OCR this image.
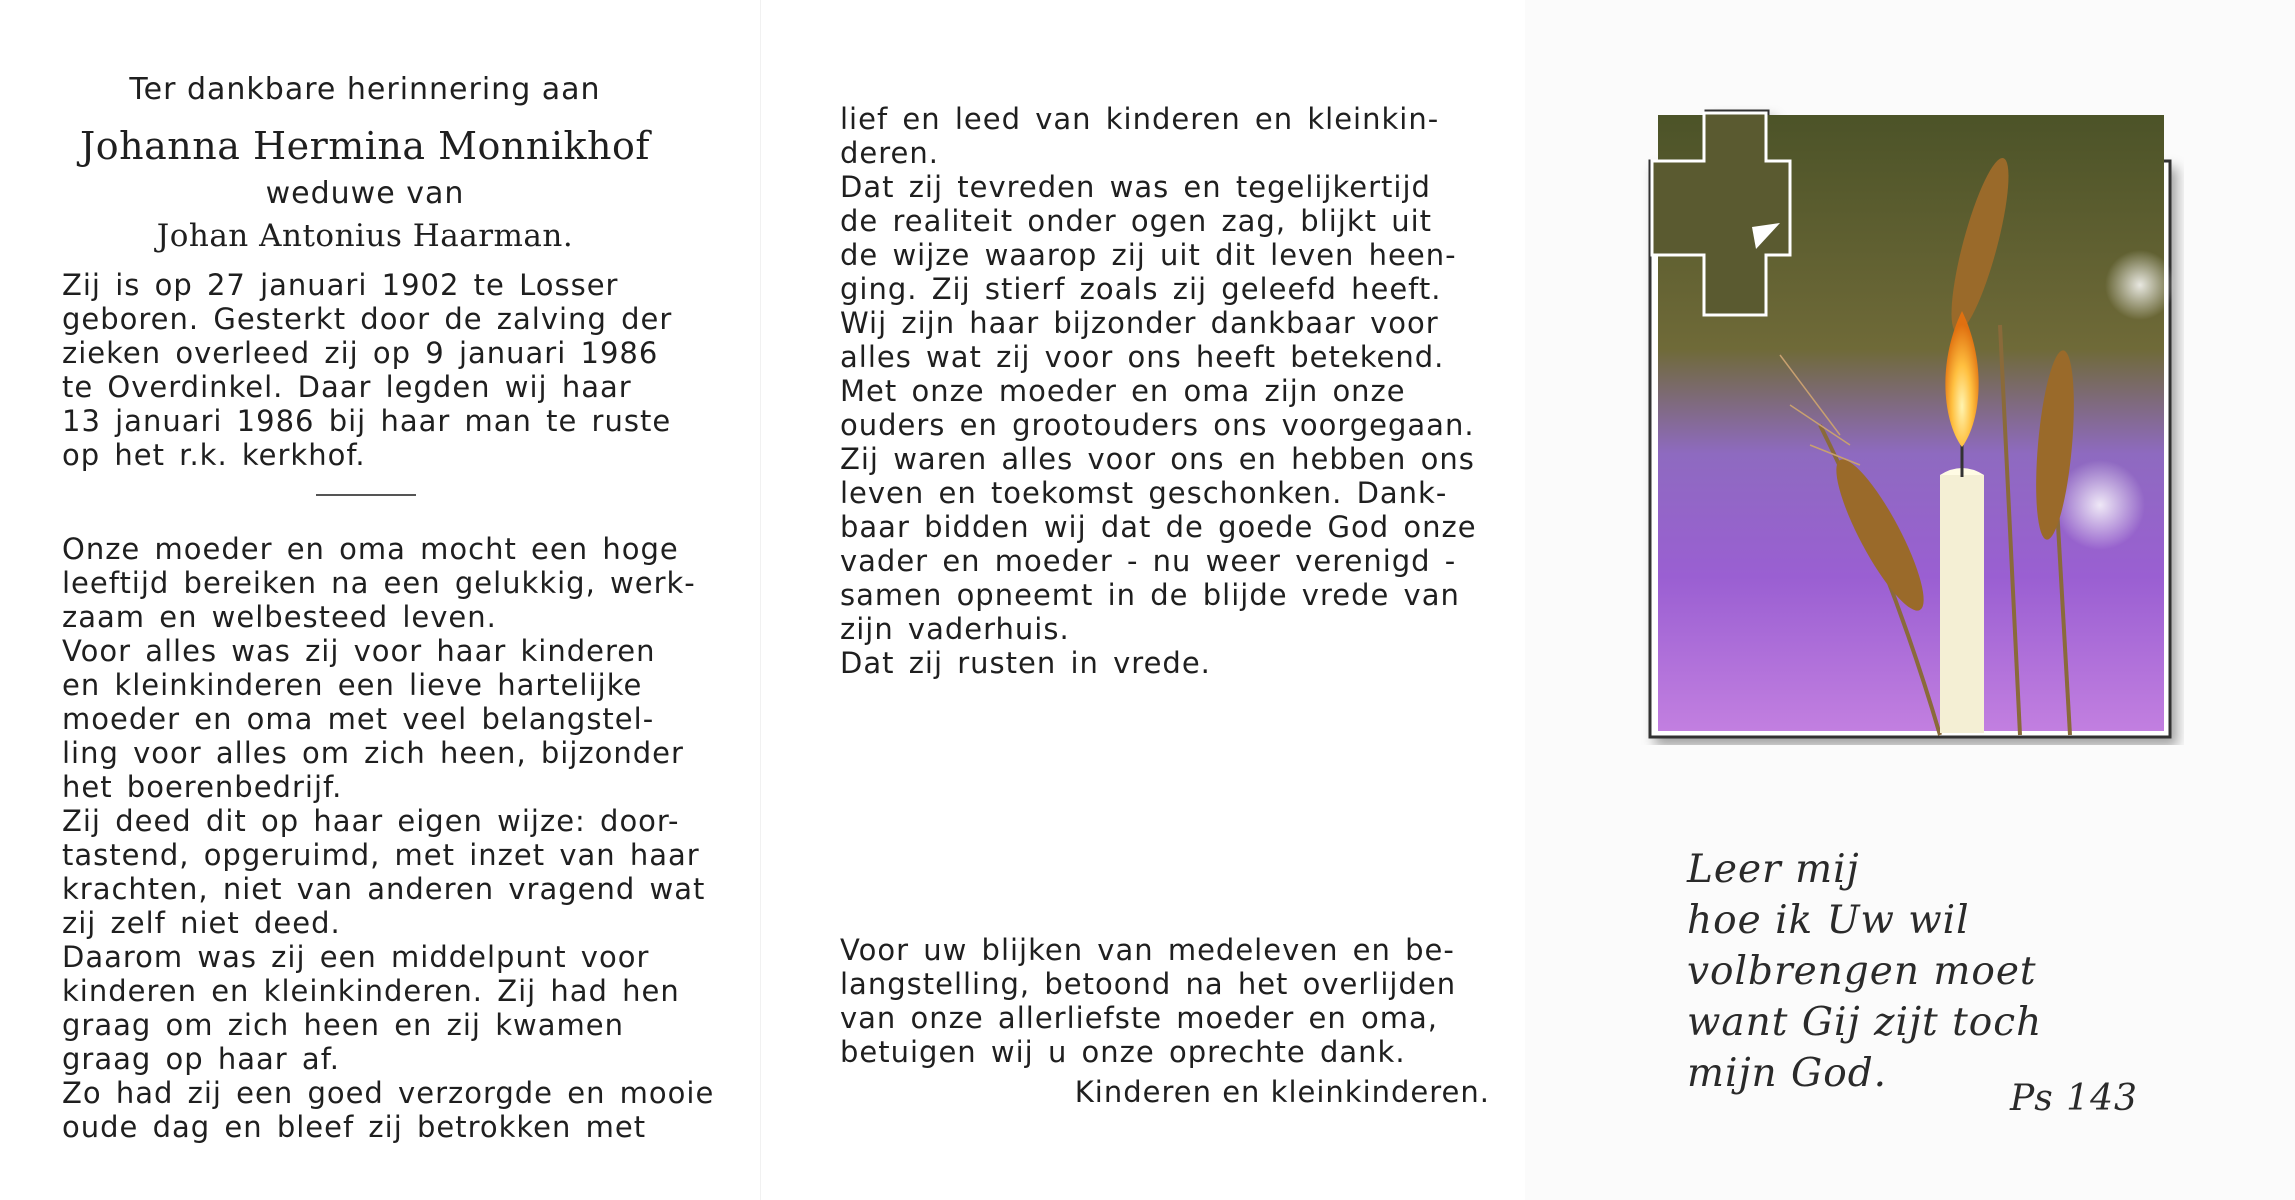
Ter dankbare herinnering aan
Johanna Hermina Monnikhof
weduwe van
Johan Antonius Haarman.
Zij is op 27 januari 1902 te Losser
geboren. Gesterkt door de zalving der
zieken overleed zij op 9 januari 1986
te Overdinkel. Daar legden wij haar
13 januari 1986 bij haar man te ruste
op het r.k. kerkhof.
Onze moeder en oma mocht een hoge
leeftijd bereiken na een gelukkig, werk-
zaam en welbesteed leven.
Voor alles was zij voor haar kinderen
en kleinkinderen een lieve hartelijke
moeder en oma met veel belangstel-
ling voor alles om zich heen, bijzonder
het boerenbedrijf.
Zij deed dit op haar eigen wijze: door-
tastend, opgeruimd, met inzet van haar
krachten, niet van anderen vragend wat
zij zelf niet deed.
Daarom was zij een middelpunt voor
kinderen en kleinkinderen. Zij had hen
graag om zich heen en zij kwamen
graag op haar af.
Zo had zij een goed verzorgde en mooie
oude dag en bleef zij betrokken met
lief en leed van kinderen en kleinkin-
deren.
Dat zij tevreden was en tegelijkertijd
de realiteit onder ogen zag, blijkt uit
de wijze waarop zij uit dit leven heen-
ging. Zij stierf zoals zij geleefd heeft.
Wij zijn haar bijzonder dankbaar voor
alles wat zij voor ons heeft betekend.
Met onze moeder en oma zijn onze
ouders en grootouders ons voorgegaan.
Zij waren alles voor ons en hebben ons
leven en toekomst geschonken. Dank-
baar bidden wij dat de goede God onze
vader en moeder - nu weer verenigd -
samen opneemt in de blijde vrede van
zijn vaderhuis.
Dat zij rusten in vrede.
Voor uw blijken van medeleven en be-
langstelling, betoond na het overlijden
van onze allerliefste moeder en oma,
betuigen wij u onze oprechte dank.
Kinderen en kleinkinderen.
Leer mij
hoe ik Uw wil
volbrengen moet
want Gij zijt toch
mijn God.
Ps 143
